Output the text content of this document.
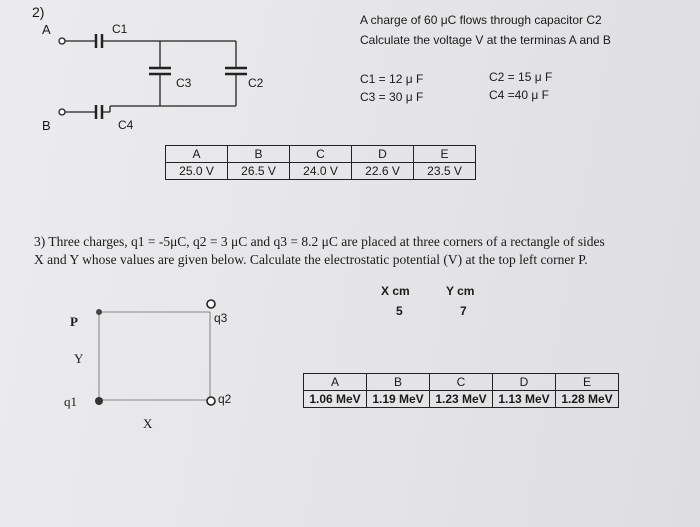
2)
A
B
C1
C3	C2
C4
A charge of 60 μC flows through capacitor C2
Calculate the voltage V at the terminas A and B
C1 = 12 μ F
C3 = 30 μ F
C2 = 15 μ F
C4 =40 μ F
A	B	C	D	E
25.0 V	26.5 V	24.0 V	22.6 V	23.5 V
3) Three charges, q1 = -5μC, q2 = 3 μC and q3 = 8.2 μC are placed at three corners of a rectangle of sides
X and Y whose values are given below. Calculate the electrostatic potential (V) at the top left corner P.
P
Y
X
q1	q2
q3
X cm	Y cm
5	7
A	B	C	D	E
1.06 MeV	1.19 MeV	1.23 MeV	1.13 MeV	1.28 MeV
